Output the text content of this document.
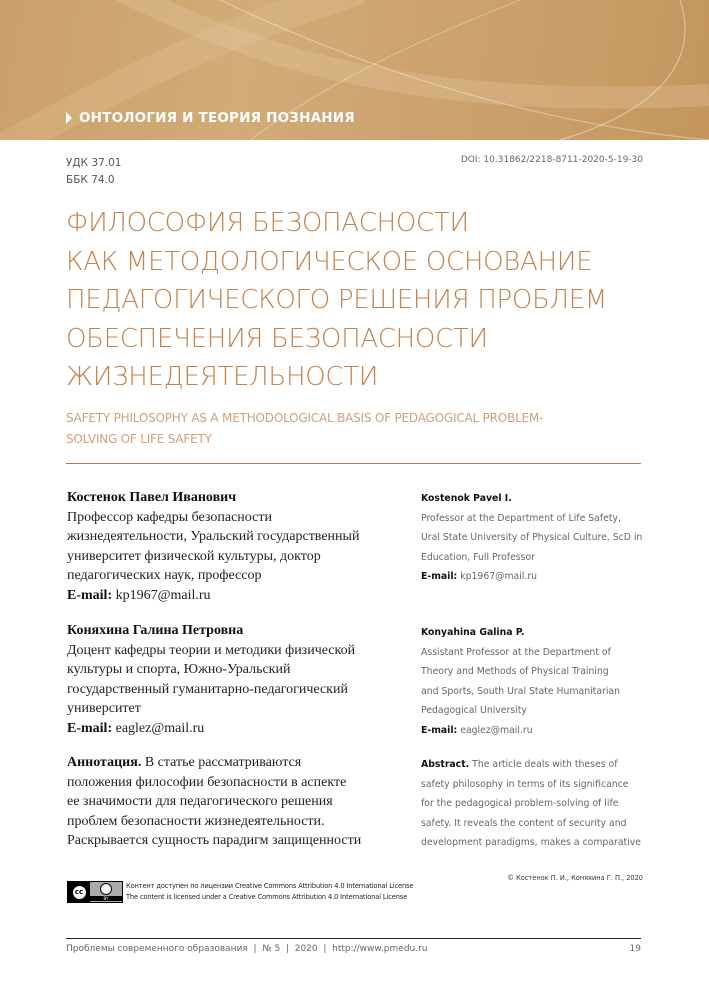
ОНТОЛОГИЯ И ТЕОРИЯ ПОЗНАНИЯ
УДК 37.01
ББК 74.0
DOI: 10.31862/2218-8711-2020-5-19-30
ФИЛОСОФИЯ БЕЗОПАСНОСТИ
КАК МЕТОДОЛОГИЧЕСКОЕ ОСНОВАНИЕ
ПЕДАГОГИЧЕСКОГО РЕШЕНИЯ ПРОБЛЕМ
ОБЕСПЕЧЕНИЯ БЕЗОПАСНОСТИ
ЖИЗНЕДЕЯТЕЛЬНОСТИ
SAFETY PHILOSOPHY AS A METHODOLOGICAL BASIS OF PEDAGOGICAL PROBLEM-
SOLVING OF LIFE SAFETY
Костенок Павел Иванович
Профессор кафедры безопасности
жизнедеятельности, Уральский государственный
университет физической культуры, доктор
педагогических наук, профессор
E-mail: kp1967@mail.ru
Kostenok Pavel I.
Professor at the Department of Life Safety,
Ural State University of Physical Culture, ScD in
Education, Full Professor
E-mail: kp1967@mail.ru
Коняхина Галина Петровна
Доцент кафедры теории и методики физической
культуры и спорта, Южно-Уральский
государственный гуманитарно-педагогический
университет
E-mail: eaglez@mail.ru
Konyahina Galina P.
Assistant Professor at the Department of
Theory and Methods of Physical Training
and Sports, South Ural State Humanitarian
Pedagogical University
E-mail: eaglez@mail.ru
Аннотация. В статье рассматриваются
положения философии безопасности в аспекте
ее значимости для педагогического решения
проблем безопасности жизнедеятельности.
Раскрывается сущность парадигм защищенности
Abstract. The article deals with theses of
safety philosophy in terms of its significance
for the pedagogical problem-solving of life
safety. It reveals the content of security and
development paradigms, makes a comparative
cc
BY
Контент доступен по лицензии Creative Commons Attribution 4.0 International License
The content is licensed under a Creative Commons Attribution 4.0 International License
© Костенок П. И., Коняхина Г. П., 2020
Проблемы современного образования  |  № 5  |  2020  |  http://www.pmedu.ru	19
